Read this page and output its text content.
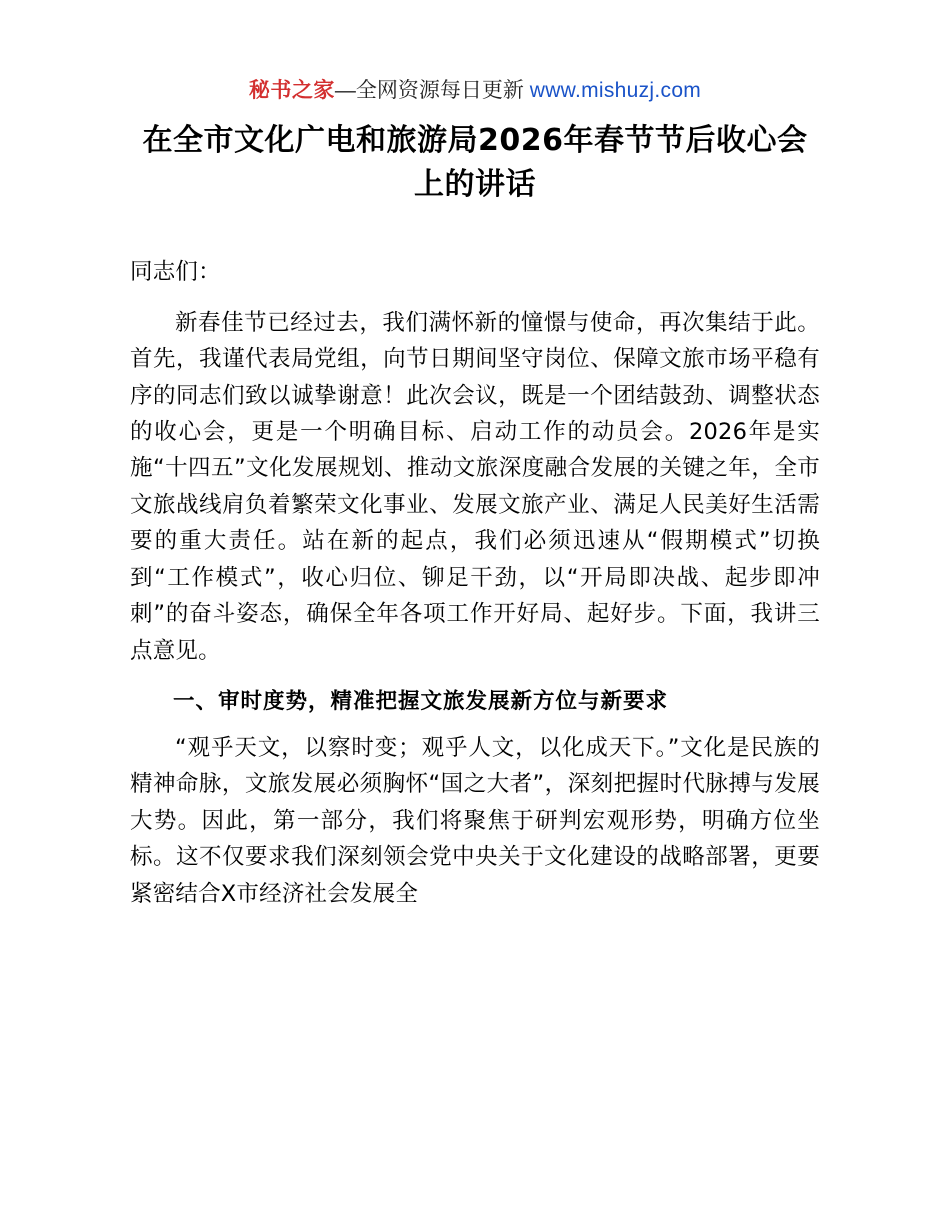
秘书之家—全网资源每日更新 www.mishuzj.com
在全市文化广电和旅游局2026年春节节后收心会上的讲话

同志们：

新春佳节已经过去，我们满怀新的憧憬与使命，再次集结于此。首先，我谨代表局党组，向节日期间坚守岗位、保障文旅市场平稳有序的同志们致以诚挚谢意！此次会议，既是一个团结鼓劲、调整状态的收心会，更是一个明确目标、启动工作的动员会。2026年是实施“十四五”文化发展规划、推动文旅深度融合发展的关键之年，全市文旅战线肩负着繁荣文化事业、发展文旅产业、满足人民美好生活需要的重大责任。站在新的起点，我们必须迅速从“假期模式”切换到“工作模式”，收心归位、铆足干劲，以“开局即决战、起步即冲刺”的奋斗姿态，确保全年各项工作开好局、起好步。下面，我讲三点意见。

一、审时度势，精准把握文旅发展新方位与新要求

“观乎天文，以察时变；观乎人文，以化成天下。”文化是民族的精神命脉，文旅发展必须胸怀“国之大者”，深刻把握时代脉搏与发展大势。因此，第一部分，我们将聚焦于研判宏观形势，明确方位坐标。这不仅要求我们深刻领会党中央关于文化建设的战略部署，更要紧密结合X市经济社会发展全
